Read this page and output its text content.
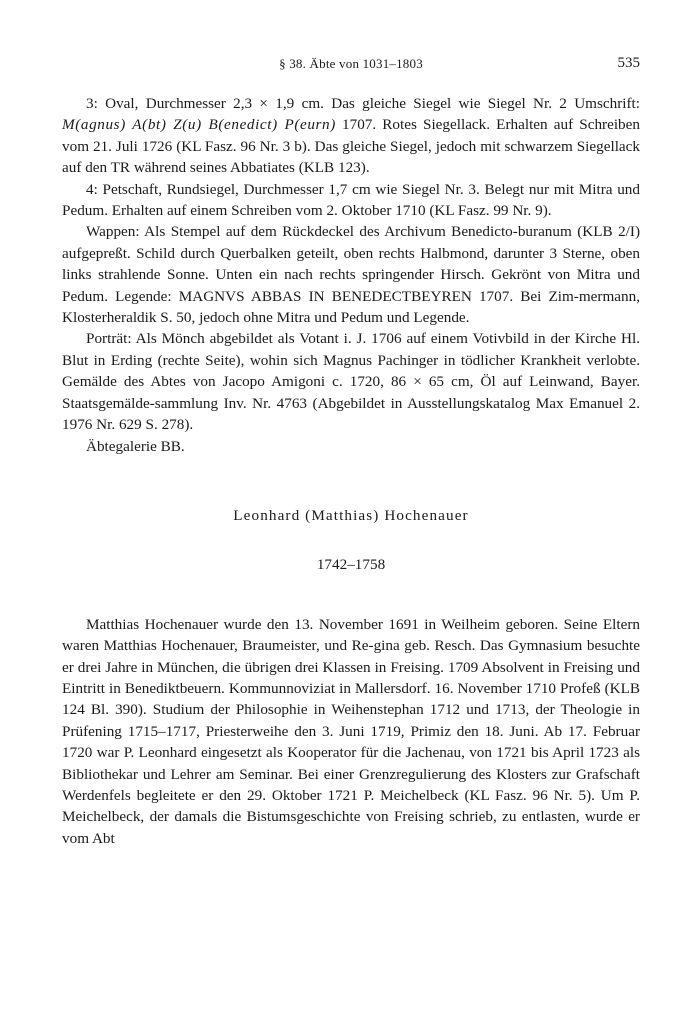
§ 38. Äbte von 1031–1803	535

3: Oval, Durchmesser 2,3 × 1,9 cm. Das gleiche Siegel wie Siegel Nr. 2 Umschrift: M(agnus) A(bt) Z(u) B(enedict) P(eurn) 1707. Rotes Siegellack. Erhalten auf Schreiben vom 21. Juli 1726 (KL Fasz. 96 Nr. 3 b). Das gleiche Siegel, jedoch mit schwarzem Siegellack auf den TR während seines Abbatiates (KLB 123).

4: Petschaft, Rundsiegel, Durchmesser 1,7 cm wie Siegel Nr. 3. Belegt nur mit Mitra und Pedum. Erhalten auf einem Schreiben vom 2. Oktober 1710 (KL Fasz. 99 Nr. 9).

Wappen: Als Stempel auf dem Rückdeckel des Archivum Benedicto-buranum (KLB 2/I) aufgepreßt. Schild durch Querbalken geteilt, oben rechts Halbmond, darunter 3 Sterne, oben links strahlende Sonne. Unten ein nach rechts springender Hirsch. Gekrönt von Mitra und Pedum. Legende: MAGNVS ABBAS IN BENEDECTBEYREN 1707. Bei Zim-mermann, Klosterheraldik S. 50, jedoch ohne Mitra und Pedum und Legende.

Porträt: Als Mönch abgebildet als Votant i. J. 1706 auf einem Votivbild in der Kirche Hl. Blut in Erding (rechte Seite), wohin sich Magnus Pachinger in tödlicher Krankheit verlobte. Gemälde des Abtes von Jacopo Amigoni c. 1720, 86 × 65 cm, Öl auf Leinwand, Bayer. Staatsgemälde-sammlung Inv. Nr. 4763 (Abgebildet in Ausstellungskatalog Max Emanuel 2. 1976 Nr. 629 S. 278).

Äbtegalerie BB.

Leonhard (Matthias) Hochenauer

1742–1758

Matthias Hochenauer wurde den 13. November 1691 in Weilheim geboren. Seine Eltern waren Matthias Hochenauer, Braumeister, und Re-gina geb. Resch. Das Gymnasium besuchte er drei Jahre in München, die übrigen drei Klassen in Freising. 1709 Absolvent in Freising und Eintritt in Benediktbeuern. Kommunnoviziat in Mallersdorf. 16. November 1710 Profeß (KLB 124 Bl. 390). Studium der Philosophie in Weihenstephan 1712 und 1713, der Theologie in Prüfening 1715–1717, Priesterweihe den 3. Juni 1719, Primiz den 18. Juni. Ab 17. Februar 1720 war P. Leonhard eingesetzt als Kooperator für die Jachenau, von 1721 bis April 1723 als Bibliothekar und Lehrer am Seminar. Bei einer Grenzregulierung des Klosters zur Grafschaft Werdenfels begleitete er den 29. Oktober 1721 P. Meichelbeck (KL Fasz. 96 Nr. 5). Um P. Meichelbeck, der damals die Bistumsgeschichte von Freising schrieb, zu entlasten, wurde er vom Abt
